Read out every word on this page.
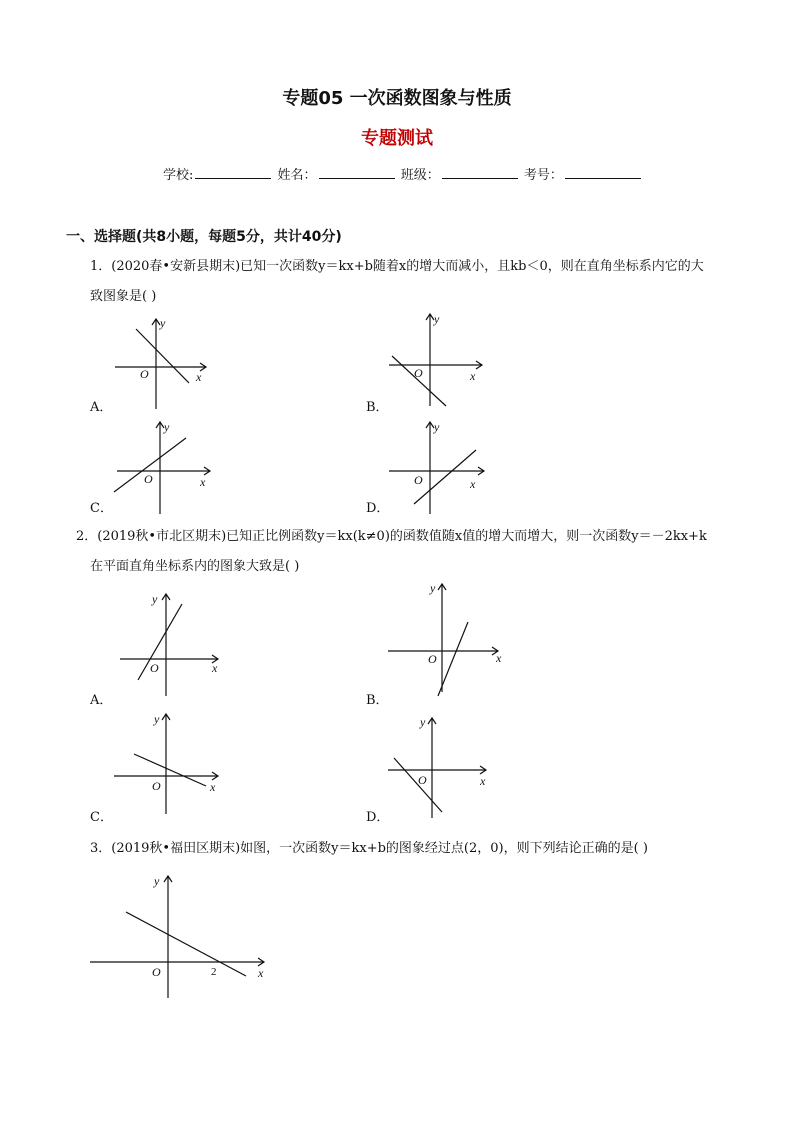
专题05 一次函数图象与性质
专题测试
学校:	姓名：	班级：	考号：
一、选择题(共8小题，每题5分，共计40分)
1．(2020春•安新县期末)已知一次函数y＝kx+b随着x的增大而减小，且kb＜0，则在直角坐标系内它的大
致图象是( )
y
x
O
A．
y
x
O
B．
y
x
O
C．
y
x
O
D．
2．(2019秋•市北区期末)已知正比例函数y＝kx(k≠0)的函数值随x值的增大而增大，则一次函数y＝－2kx+k
在平面直角坐标系内的图象大致是( )
y
x
O
A．
y
x
O
B．
y
x
O
C．
y
x
O
D．
3．(2019秋•福田区期末)如图，一次函数y＝kx+b的图象经过点(2，0)，则下列结论正确的是( )
y
x
O	2
